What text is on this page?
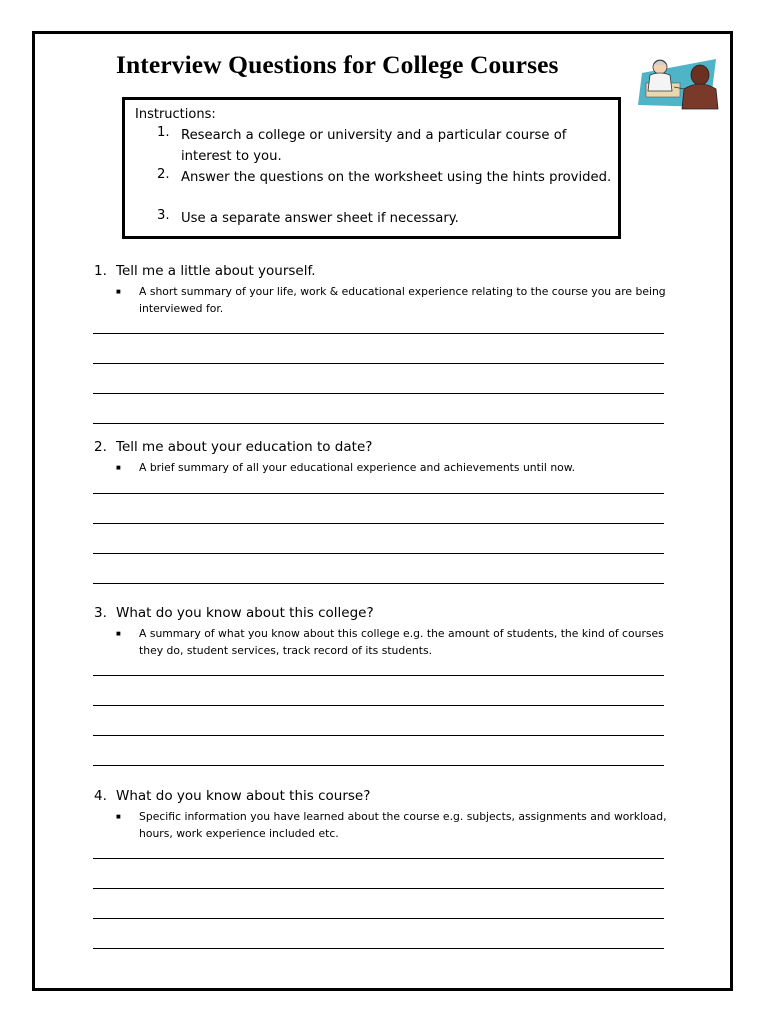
Interview Questions for College Courses
Instructions:
1. Research a college or university and a particular course of interest to you.
2. Answer the questions on the worksheet using the hints provided.
3. Use a separate answer sheet if necessary.
1. Tell me a little about yourself.
■ A short summary of your life, work & educational experience relating to the course you are being interviewed for.
2. Tell me about your education to date?
■ A brief summary of all your educational experience and achievements until now.
3. What do you know about this college?
■ A summary of what you know about this college e.g. the amount of students, the kind of courses they do, student services, track record of its students.
4. What do you know about this course?
■ Specific information you have learned about the course e.g. subjects, assignments and workload, hours, work experience included etc.
